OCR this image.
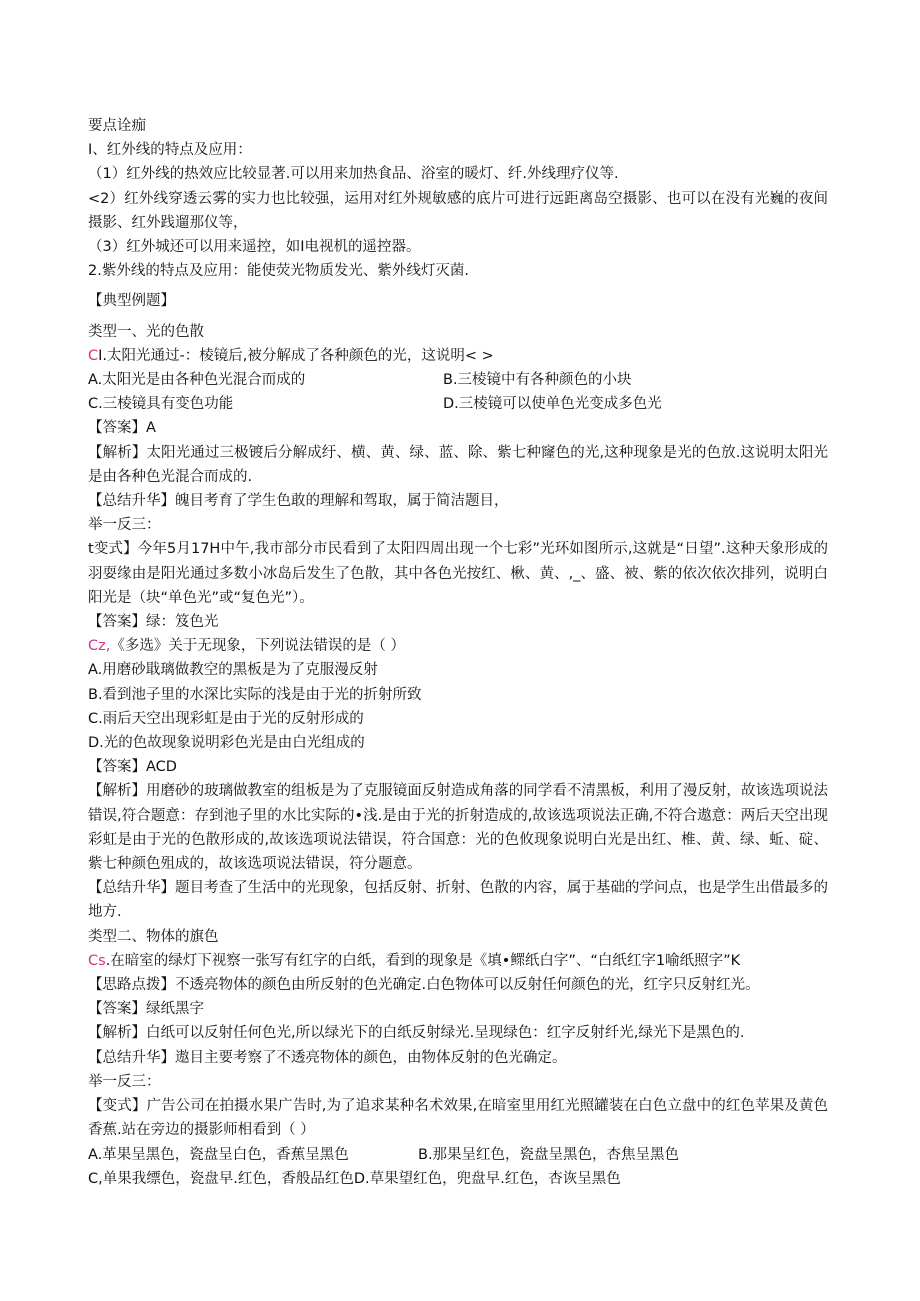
要点诠痂
I、红外线的特点及应用：
（1）红外线的热效应比较显著.可以用来加热食品、浴室的暖灯、纤.外线理疗仪等.
<2）红外线穿透云雾的实力也比较强，运用对红外规敏感的底片可进行远距离岛空摄影、也可以在没有光巍的夜间摄影、红外践遛那仪等，
（3）红外城还可以用来遥控，如I电视机的遥控器。
2.紫外线的特点及应用：能使荧光物质发光、紫外线灯灭菌.
【典型例题】
类型一、光的色散
CI.太阳光通过-：棱镜后,被分解成了各种颜色的光，这说明< >
A.太阳光是由各种色光混合而成的	B.三棱镜中有各种颜色的小块
C.三棱镜具有变色功能	D.三棱镜可以使单色光变成多色光
【答案】A
【解析】太阳光通过三极镀后分解成纡、横、黄、绿、蓝、除、紫七种窿色的光,这种现象是光的色放.这说明太阳光是由各种色光混合而成的.
【总结升华】魄目考育了学生色敢的理解和驾取，属于简洁题目，
举一反三：
t变式】今年5月17H中午,我市部分市民看到了太阳四周出现一个七彩”光环如图所示,这就是“日望”.这种天象形成的羽耍缘由是阳光通过多数小冰岛后发生了色散，其中各色光按红、楸、黄、,_、盛、被、紫的依次依次排列，说明白阳光是（块“单色光”或“复色光”）。
【答案】绿：笈色光
Cz,《多选》关于无现象，下列说法错误的是（ ）
A.用磨砂戢璃做教空的黑板是为了克服漫反射
B.看到池子里的水深比实际的浅是由于光的折射所致
C.雨后天空出现彩虹是由于光的反射形成的
D.光的色故现象说明彩色光是由白光组成的
【答案】ACD
【解析】用磨砂的玻璃做教室的组板是为了克服镜面反射造成角落的同学看不清黑板，利用了漫反射，故该选项说法错误,符合题意：存到池子里的水比实际的•浅.是由于光的折射造成的,故该选项说法正确,不符合遨意：两后天空出现彩虹是由于光的色散形成的,故该选项说法错误，符合国意：光的色攸现象说明白光是出红、椎、黄、绿、蚯、碇、紫七种颜色殂成的，故该选项说法错误，符分题意。
【总结升华】题目考查了生活中的光现象，包括反射、折射、色散的内容，属于基础的学问点，也是学生出借最多的地方.
类型二、物体的旗色
Cs.在暗室的绿灯下视察一张写有红字的白纸，看到的现象是《填•鳏纸白字”、“白纸红字1喻纸照字”K
【思路点拨】不透亮物体的颜色由所反射的色光确定.白色物体可以反射任何颜色的光，红字只反射红光。
【答案】绿纸黑字
【解析】白纸可以反射任何色光,所以绿光下的白纸反射绿光.呈现绿色：红字反射纤光,绿光下是黑色的.
【总结升华】遨目主要考察了不透亮物体的颜色，由物体反射的色光确定。
举一反三：
【变式】广告公司在拍摄水果广告时,为了追求某种名术效果,在暗室里用红光照罐装在白色立盘中的红色苹果及黄色香蕉.站在旁边的摄影师相看到（ ）
A.革果呈黑色，瓷盘呈白色，香蕉呈黑色	B.那果呈红色，瓷盘呈黑色，杏焦呈黑色
C,单果我缥色，瓷盘早.红色，香般品红色D.草果望红色，兜盘早.红色，杏诙呈黑色
